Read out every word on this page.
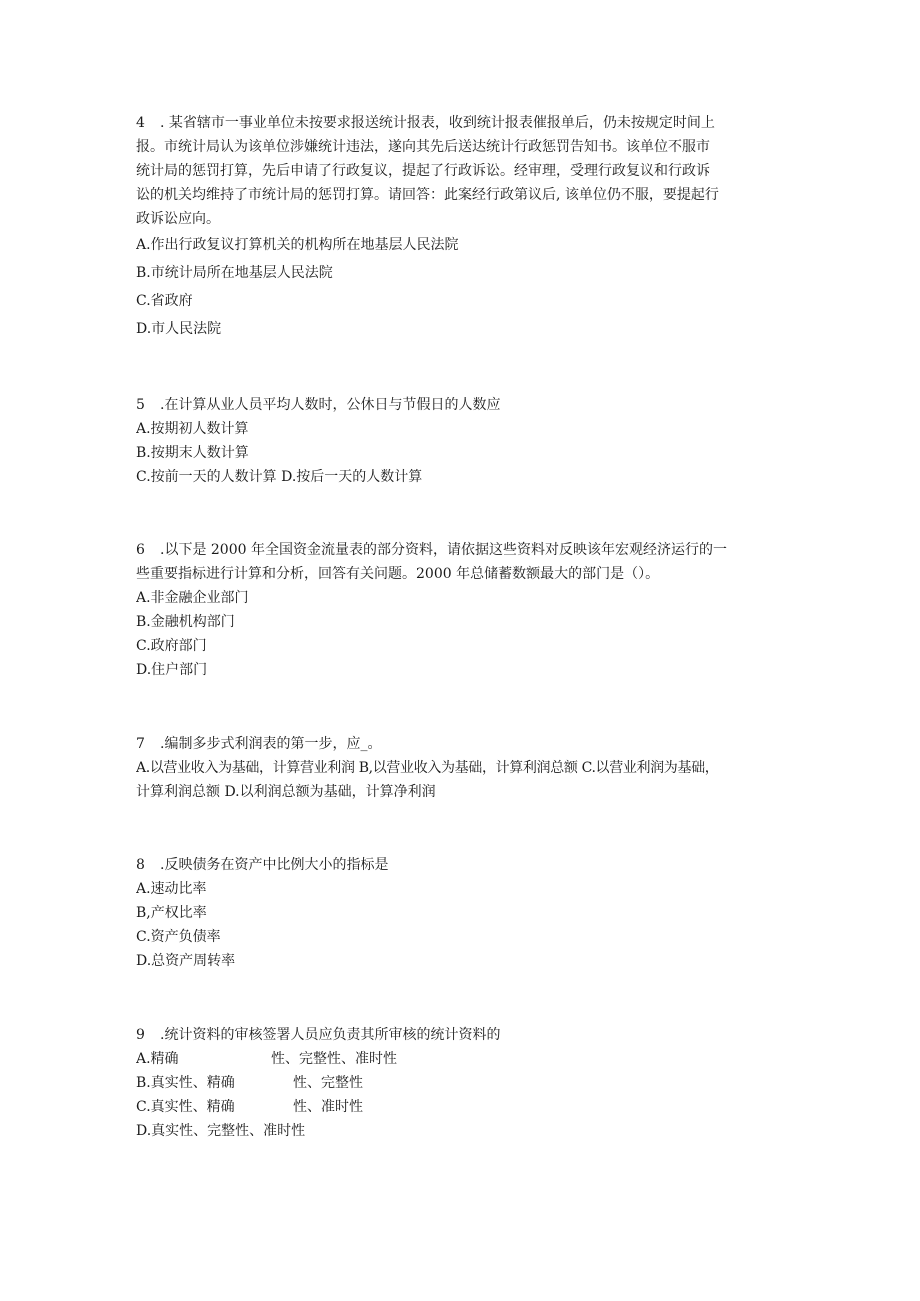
4 . 某省辖市一事业单位未按要求报送统计报表，收到统计报表催报单后，仍未按规定时间上
报。市统计局认为该单位涉嫌统计违法，遂向其先后送达统计行政惩罚告知书。该单位不服市
统计局的惩罚打算，先后申请了行政复议，提起了行政诉讼。经审理，受理行政复议和行政诉
讼的机关均维持了市统计局的惩罚打算。请回答：此案经行政第议后, 该单位仍不服，要提起行
政诉讼应向。
A.作出行政复议打算机关的机构所在地基层人民法院
B.市统计局所在地基层人民法院
C.省政府
D.市人民法院
5 .在计算从业人员平均人数时，公休日与节假日的人数应
A.按期初人数计算
B.按期末人数计算
C.按前一天的人数计算 D.按后一天的人数计算
6 .以下是 2000 年全国资金流量表的部分资料，请依据这些资料对反映该年宏观经济运行的一
些重要指标进行计算和分析，回答有关问题。2000 年总储蓄数额最大的部门是（）。
A.非金融企业部门
B.金融机构部门
C.政府部门
D.住户部门
7 .编制多步式利润表的第一步，应_。
A.以营业收入为基础，计算营业利润 B,以营业收入为基础，计算利润总额 C.以营业利润为基础，
计算利润总额 D.以利润总额为基础，计算净利润
8 .反映债务在资产中比例大小的指标是
A.速动比率
B,产权比率
C.资产负债率
D.总资产周转率
9 .统计资料的审核签署人员应负责其所审核的统计资料的
A.精确	性、完整性、准时性
B.真实性、精确	性、完整性
C.真实性、精确	性、准时性
D.真实性、完整性、准时性
